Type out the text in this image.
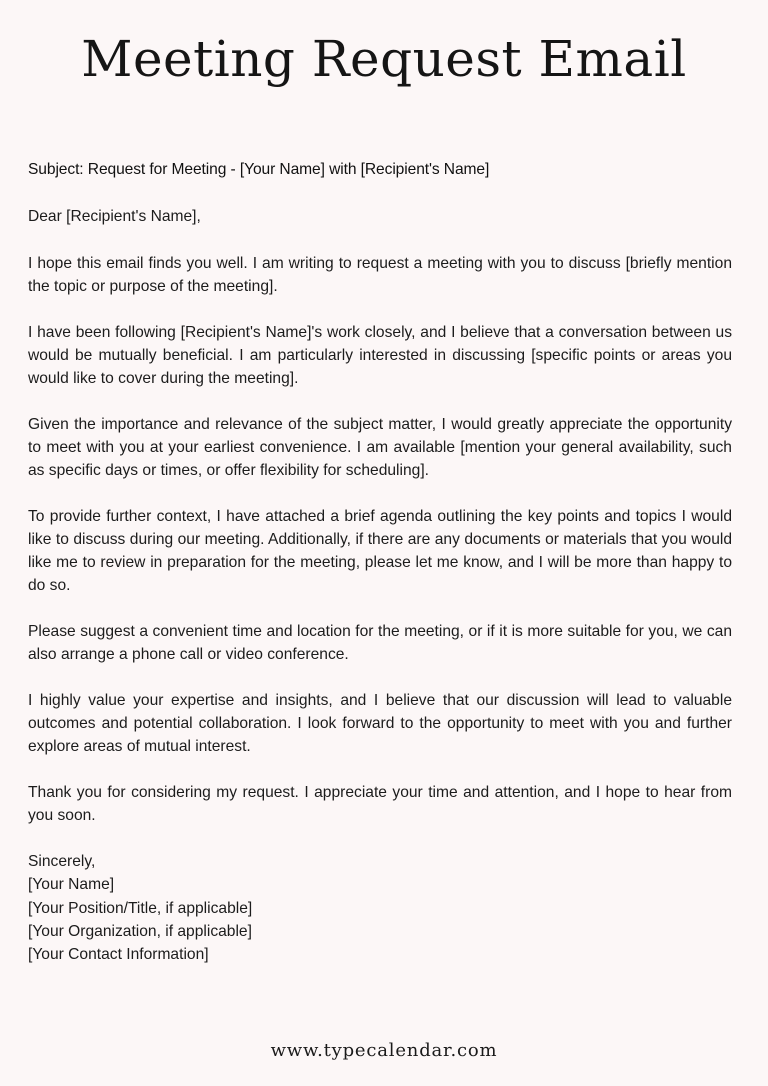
Meeting Request Email

Subject: Request for Meeting - [Your Name] with [Recipient's Name]

Dear [Recipient's Name],

I hope this email finds you well. I am writing to request a meeting with you to discuss [briefly mention the topic or purpose of the meeting].

I have been following [Recipient's Name]'s work closely, and I believe that a conversation between us would be mutually beneficial. I am particularly interested in discussing [specific points or areas you would like to cover during the meeting].

Given the importance and relevance of the subject matter, I would greatly appreciate the opportunity to meet with you at your earliest convenience. I am available [mention your general availability, such as specific days or times, or offer flexibility for scheduling].

To provide further context, I have attached a brief agenda outlining the key points and topics I would like to discuss during our meeting. Additionally, if there are any documents or materials that you would like me to review in preparation for the meeting, please let me know, and I will be more than happy to do so.

Please suggest a convenient time and location for the meeting, or if it is more suitable for you, we can also arrange a phone call or video conference.

I highly value your expertise and insights, and I believe that our discussion will lead to valuable outcomes and potential collaboration. I look forward to the opportunity to meet with you and further explore areas of mutual interest.

Thank you for considering my request. I appreciate your time and attention, and I hope to hear from you soon.

Sincerely,
[Your Name]
[Your Position/Title, if applicable]
[Your Organization, if applicable]
[Your Contact Information]
www.typecalendar.com
